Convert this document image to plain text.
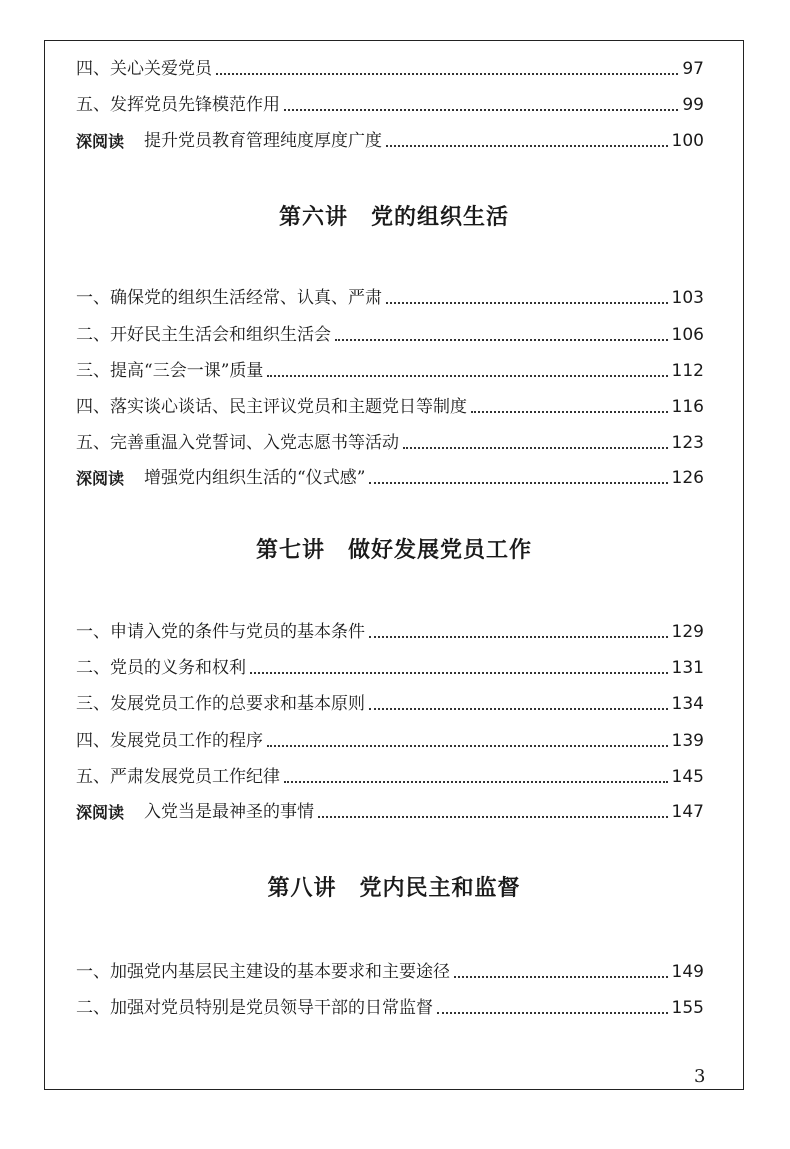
四、关心关爱党员	97
五、发挥党员先锋模范作用	99
深阅读 提升党员教育管理纯度厚度广度	100
第六讲　党的组织生活
一、确保党的组织生活经常、认真、严肃	103
二、开好民主生活会和组织生活会	106
三、提高“三会一课”质量	112
四、落实谈心谈话、民主评议党员和主题党日等制度	116
五、完善重温入党誓词、入党志愿书等活动	123
深阅读 增强党内组织生活的“仪式感”	126
第七讲　做好发展党员工作
一、申请入党的条件与党员的基本条件	129
二、党员的义务和权利	131
三、发展党员工作的总要求和基本原则	134
四、发展党员工作的程序	139
五、严肃发展党员工作纪律	145
深阅读 入党当是最神圣的事情	147
第八讲　党内民主和监督
一、加强党内基层民主建设的基本要求和主要途径	149
二、加强对党员特别是党员领导干部的日常监督	155
3
